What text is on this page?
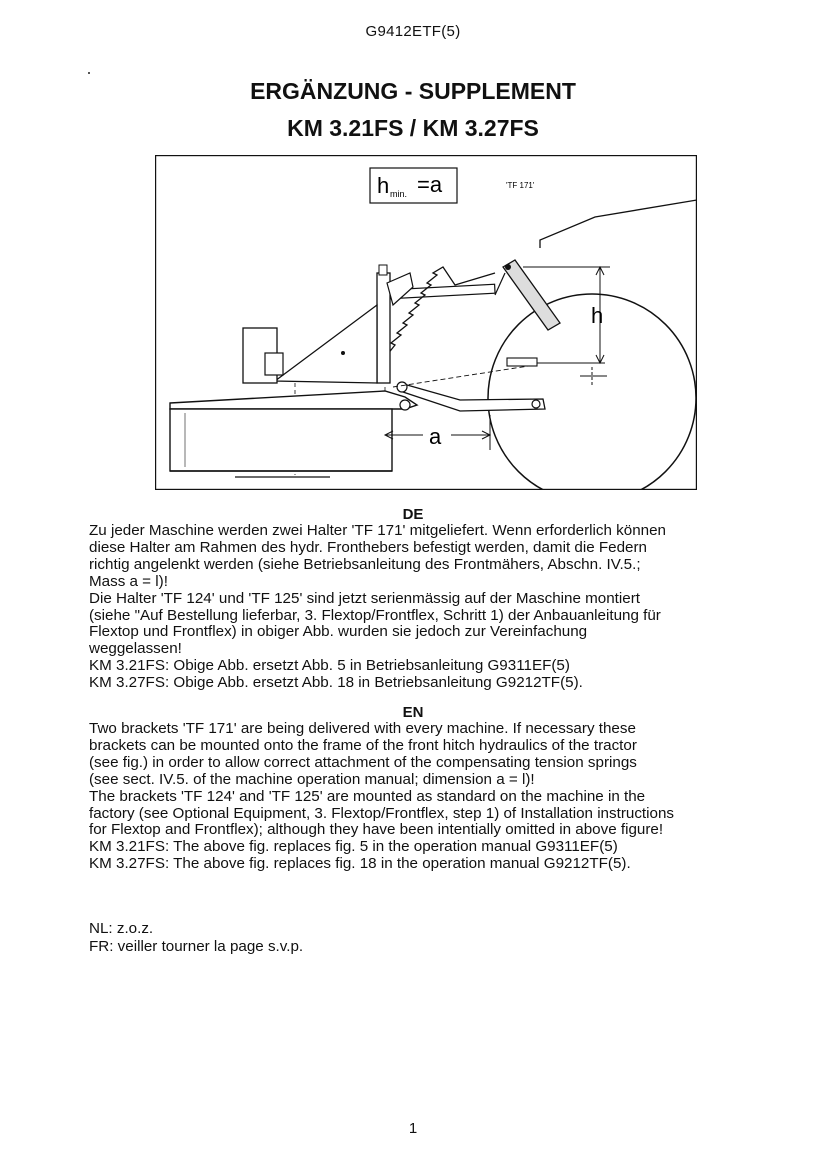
G9412ETF(5)
ERGÄNZUNG - SUPPLEMENT
KM 3.21FS / KM 3.27FS
h min. =a	'TF 171'
h
a
DE

Zu jeder Maschine werden zwei Halter 'TF 171' mitgeliefert. Wenn erforderlich können

diese Halter am Rahmen des hydr. Fronthebers befestigt werden, damit die Federn

richtig angelenkt werden (siehe Betriebsanleitung des Frontmähers, Abschn. IV.5.;

Mass a = l)!

Die Halter 'TF 124' und 'TF 125' sind jetzt serienmässig auf der Maschine montiert

(siehe "Auf Bestellung lieferbar, 3. Flextop/Frontflex, Schritt 1) der Anbauanleitung für

Flextop und Frontflex) in obiger Abb. wurden sie jedoch zur Vereinfachung

weggelassen!

KM 3.21FS: Obige Abb. ersetzt Abb. 5 in Betriebsanleitung G9311EF(5)

KM 3.27FS: Obige Abb. ersetzt Abb. 18 in Betriebsanleitung G9212TF(5).

EN

Two brackets 'TF 171' are being delivered with every machine. If necessary these

brackets can be mounted onto the frame of the front hitch hydraulics of the tractor

(see fig.) in order to allow correct attachment of the compensating tension springs

(see sect. IV.5. of the machine operation manual; dimension a = l)!

The brackets 'TF 124' and 'TF 125' are mounted as standard on the machine in the

factory (see Optional Equipment, 3. Flextop/Frontflex, step 1) of Installation instructions

for Flextop and Frontflex); although they have been intentially omitted in above figure!

KM 3.21FS: The above fig. replaces fig. 5 in the operation manual G9311EF(5)

KM 3.27FS: The above fig. replaces fig. 18 in the operation manual G9212TF(5).

NL: z.o.z.

FR: veiller tourner la page s.v.p.

1
